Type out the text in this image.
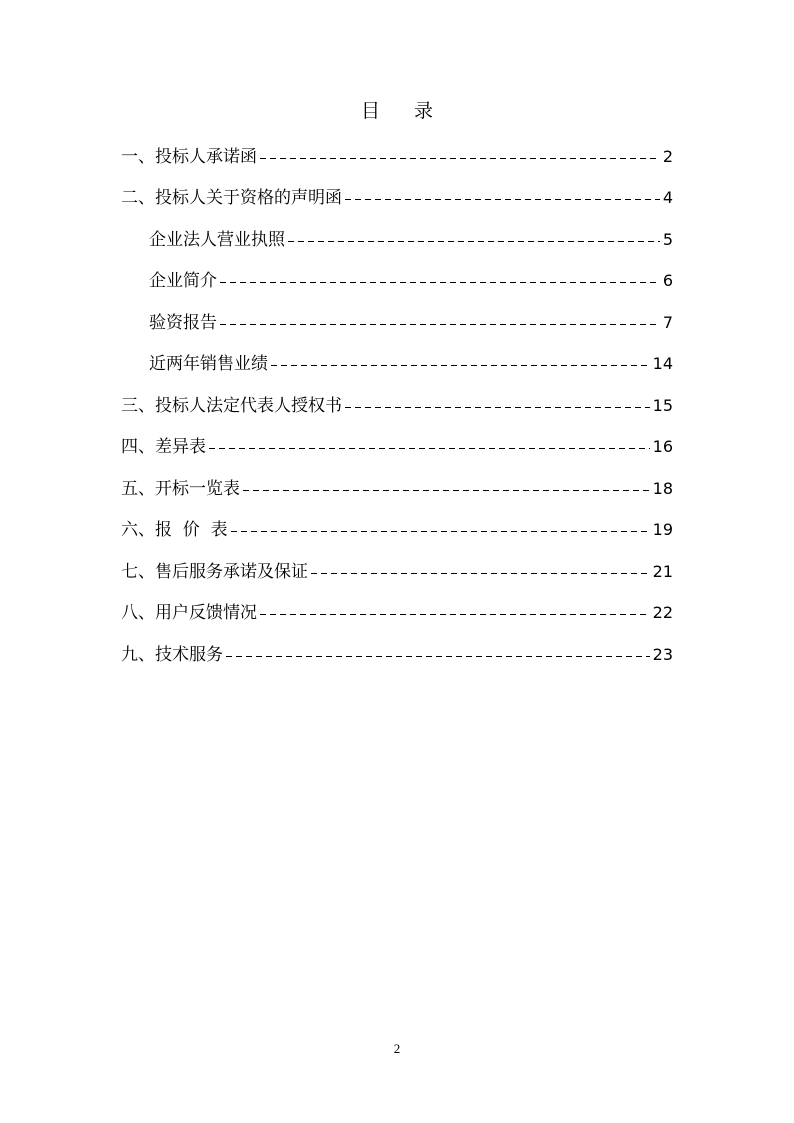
目 录
一、投标人承诺函	2
二、投标人关于资格的声明函	4
企业法人营业执照	5
企业简介	6
验资报告	7
近两年销售业绩	14
三、投标人法定代表人授权书	15
四、差异表	16
五、开标一览表	18
六、报  价  表	19
七、售后服务承诺及保证	21
八、用户反馈情况	22
九、技术服务	23
2
